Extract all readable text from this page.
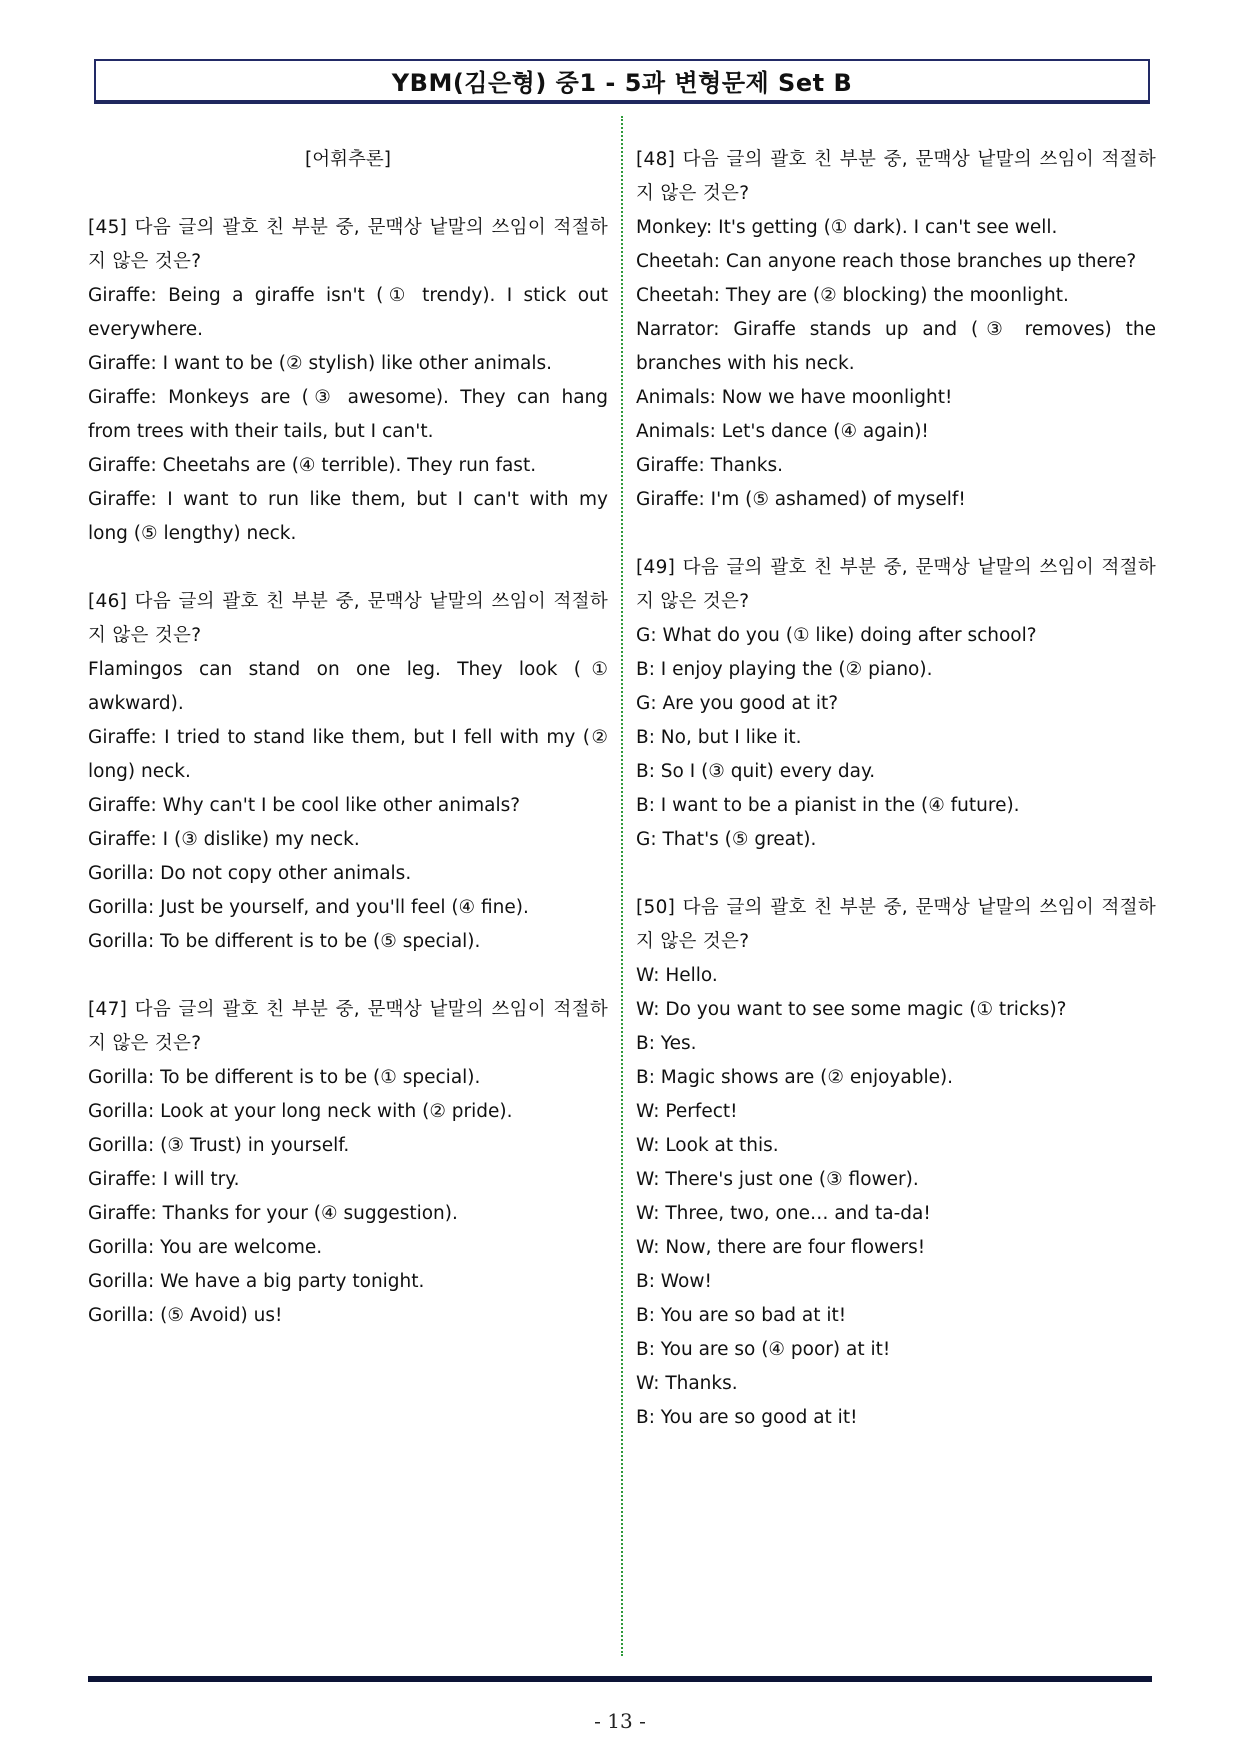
YBM(김은형) 중1 - 5과 변형문제 Set B

[어휘추론]

[45] 다음 글의 괄호 친 부분 중, 문맥상 낱말의 쓰임이 적절하

지 않은 것은?

Giraffe: Being a giraffe isn't (① trendy). I stick out

everywhere.

Giraffe: I want to be (② stylish) like other animals.

Giraffe: Monkeys are (③ awesome). They can hang

from trees with their tails, but I can't.

Giraffe: Cheetahs are (④ terrible). They run fast.

Giraffe: I want to run like them, but I can't with my

long (⑤ lengthy) neck.

[46] 다음 글의 괄호 친 부분 중, 문맥상 낱말의 쓰임이 적절하

지 않은 것은?

Flamingos can stand on one leg. They look (①

awkward).

Giraffe: I tried to stand like them, but I fell with my (②

long) neck.

Giraffe: Why can't I be cool like other animals?

Giraffe: I (③ dislike) my neck.

Gorilla: Do not copy other animals.

Gorilla: Just be yourself, and you'll feel (④ fine).

Gorilla: To be different is to be (⑤ special).

[47] 다음 글의 괄호 친 부분 중, 문맥상 낱말의 쓰임이 적절하

지 않은 것은?

Gorilla: To be different is to be (① special).

Gorilla: Look at your long neck with (② pride).

Gorilla: (③ Trust) in yourself.

Giraffe: I will try.

Giraffe: Thanks for your (④ suggestion).

Gorilla: You are welcome.

Gorilla: We have a big party tonight.

Gorilla: (⑤ Avoid) us!

[48] 다음 글의 괄호 친 부분 중, 문맥상 낱말의 쓰임이 적절하

지 않은 것은?

Monkey: It's getting (① dark). I can't see well.

Cheetah: Can anyone reach those branches up there?

Cheetah: They are (② blocking) the moonlight.

Narrator: Giraffe stands up and (③ removes) the

branches with his neck.

Animals: Now we have moonlight!

Animals: Let's dance (④ again)!

Giraffe: Thanks.

Giraffe: I'm (⑤ ashamed) of myself!

[49] 다음 글의 괄호 친 부분 중, 문맥상 낱말의 쓰임이 적절하

지 않은 것은?

G: What do you (① like) doing after school?

B: I enjoy playing the (② piano).

G: Are you good at it?

B: No, but I like it.

B: So I (③ quit) every day.

B: I want to be a pianist in the (④ future).

G: That's (⑤ great).

[50] 다음 글의 괄호 친 부분 중, 문맥상 낱말의 쓰임이 적절하

지 않은 것은?

W: Hello.

W: Do you want to see some magic (① tricks)?

B: Yes.

B: Magic shows are (② enjoyable).

W: Perfect!

W: Look at this.

W: There's just one (③ flower).

W: Three, two, one… and ta-da!

W: Now, there are four flowers!

B: Wow!

B: You are so bad at it!

B: You are so (④ poor) at it!

W: Thanks.

B: You are so good at it!

- 13 -
